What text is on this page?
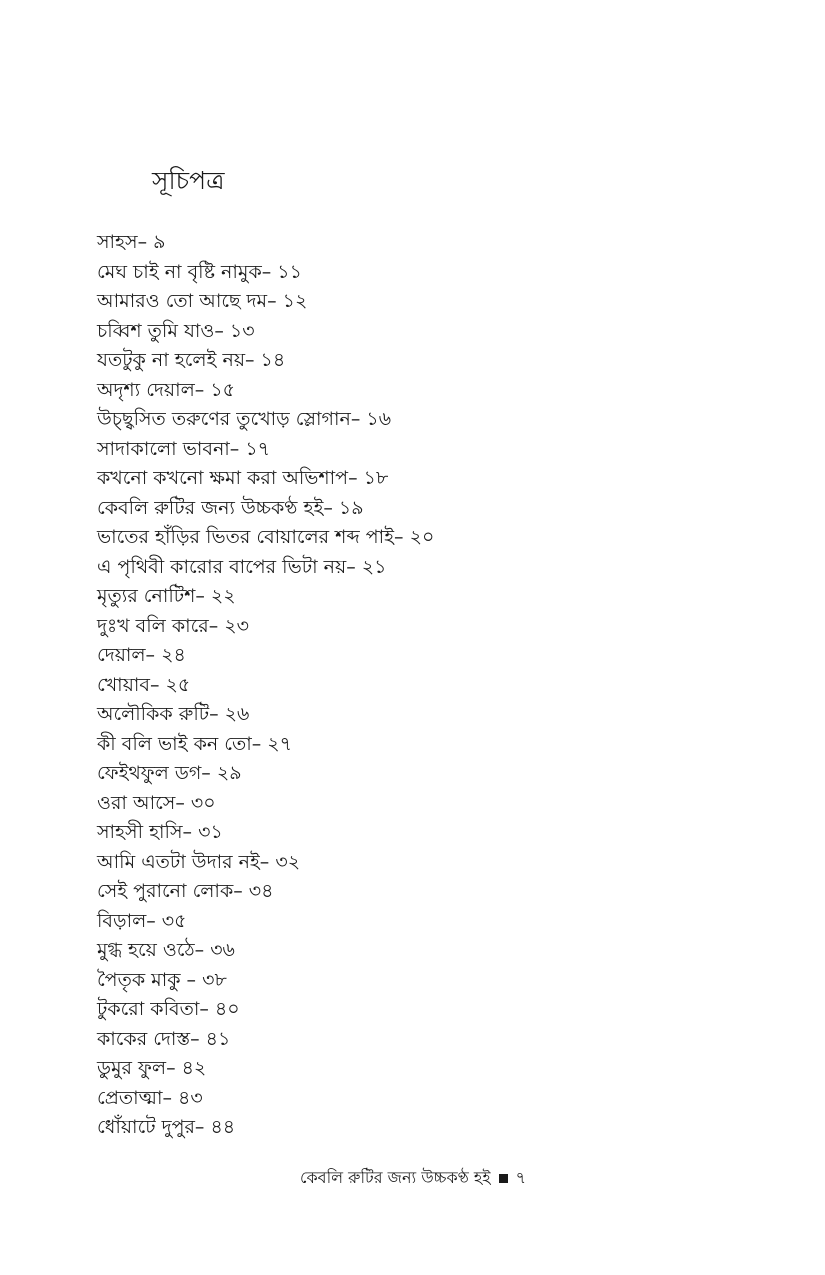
সূচিপত্র
সাহস– ৯
মেঘ চাই না বৃষ্টি নামুক– ১১
আমারও তো আছে দম– ১২
চব্বিশ তুমি যাও– ১৩
যতটুকু না হলেই নয়– ১৪
অদৃশ্য দেয়াল– ১৫
উচ্ছ্বসিত তরুণের তুখোড় স্লোগান– ১৬
সাদাকালো ভাবনা– ১৭
কখনো কখনো ক্ষমা করা অভিশাপ– ১৮
কেবলি রুটির জন্য উচ্চকণ্ঠ হই– ১৯
ভাতের হাঁড়ির ভিতর বোয়ালের শব্দ পাই– ২০
এ পৃথিবী কারোর বাপের ভিটা নয়– ২১
মৃত্যুর নোটিশ– ২২
দুঃখ বলি কারে– ২৩
দেয়াল– ২৪
খোয়াব– ২৫
অলৌকিক রুটি– ২৬
কী বলি ভাই কন তো– ২৭
ফেইথফুল ডগ– ২৯
ওরা আসে– ৩০
সাহসী হাসি– ৩১
আমি এতটা উদার নই– ৩২
সেই পুরানো লোক– ৩৪
বিড়াল– ৩৫
মুগ্ধ হয়ে ওঠে– ৩৬
পৈতৃক মাকু – ৩৮
টুকরো কবিতা– ৪০
কাকের দোস্ত– ৪১
ডুমুর ফুল– ৪২
প্রেতাত্মা– ৪৩
ধোঁয়াটে দুপুর– ৪৪
কেবলি রুটির জন্য উচ্চকণ্ঠ হই ৭
